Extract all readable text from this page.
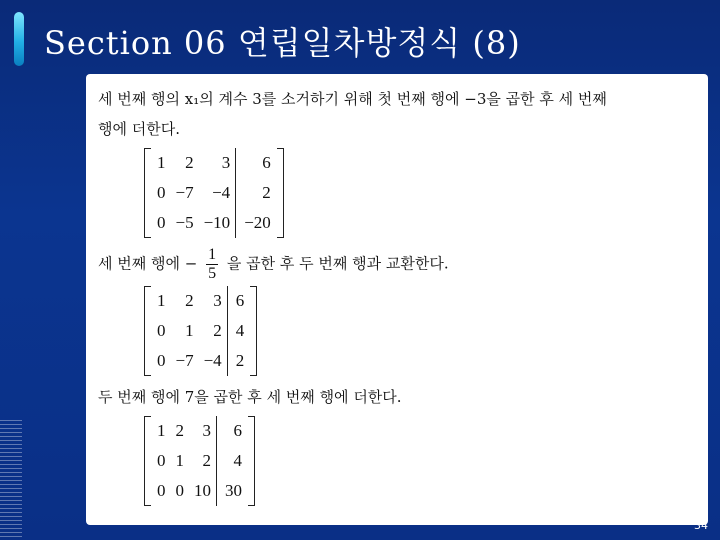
Section 06 연립일차방정식 (8)
세 번째 행의 x₁의 계수 3를 소거하기 위해 첫 번째 행에 −3을 곱한 후 세 번째
행에 더한다.
1	2	3	6
0	−7	−4	2
0	−5	−10	−20
세 번째 행에 − $\frac{1}{5}$ 을 곱한 후 두 번째 행과 교환한다.
1	2	3	6
0	1	2	4
0	−7	−4	2
두 번째 행에 7을 곱한 후 세 번째 행에 더한다.
1	2	3	6
0	1	2	4
0	0	10	30
34
